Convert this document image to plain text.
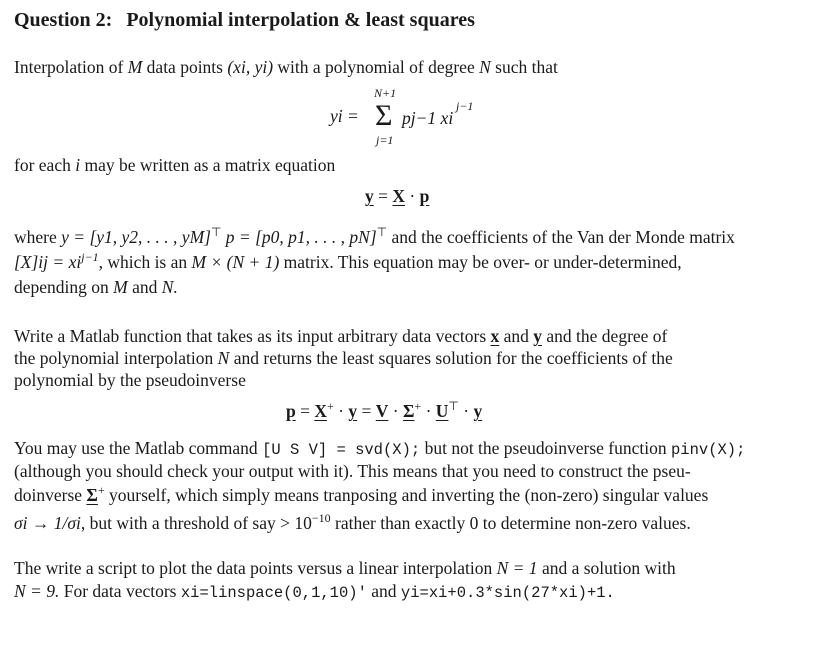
Question 2: Polynomial interpolation & least squares
Interpolation of M data points (xi, yi) with a polynomial of degree N such that
yi =
N+1
Σ
j=1
pj−1 xi
j−1
for each i may be written as a matrix equation
y = X · p
where y = [y1, y2, . . . , yM]⊤ p = [p0, p1, . . . , pN]⊤ and the coefficients of the Van der Monde matrix
$[X]ij = xi^{j-1}$, which is an M × (N + 1) matrix. This equation may be over- or under-determined,
depending on M and N.
Write a Matlab function that takes as its input arbitrary data vectors x and y and the degree of
the polynomial interpolation N and returns the least squares solution for the coefficients of the
polynomial by the pseudoinverse
p = X+ · y = V · Σ+ · U⊤ · y
You may use the Matlab command [U S V] = svd(X); but not the pseudoinverse function pinv(X);
(although you should check your output with it). This means that you need to construct the pseu-
doinverse Σ+ yourself, which simply means tranposing and inverting the (non-zero) singular values
σi → 1/σi, but with a threshold of say > $10^{-10}$ rather than exactly 0 to determine non-zero values.
The write a script to plot the data points versus a linear interpolation N = 1 and a solution with
N = 9. For data vectors xi=linspace(0,1,10)' and yi=xi+0.3*sin(27*xi)+1.
